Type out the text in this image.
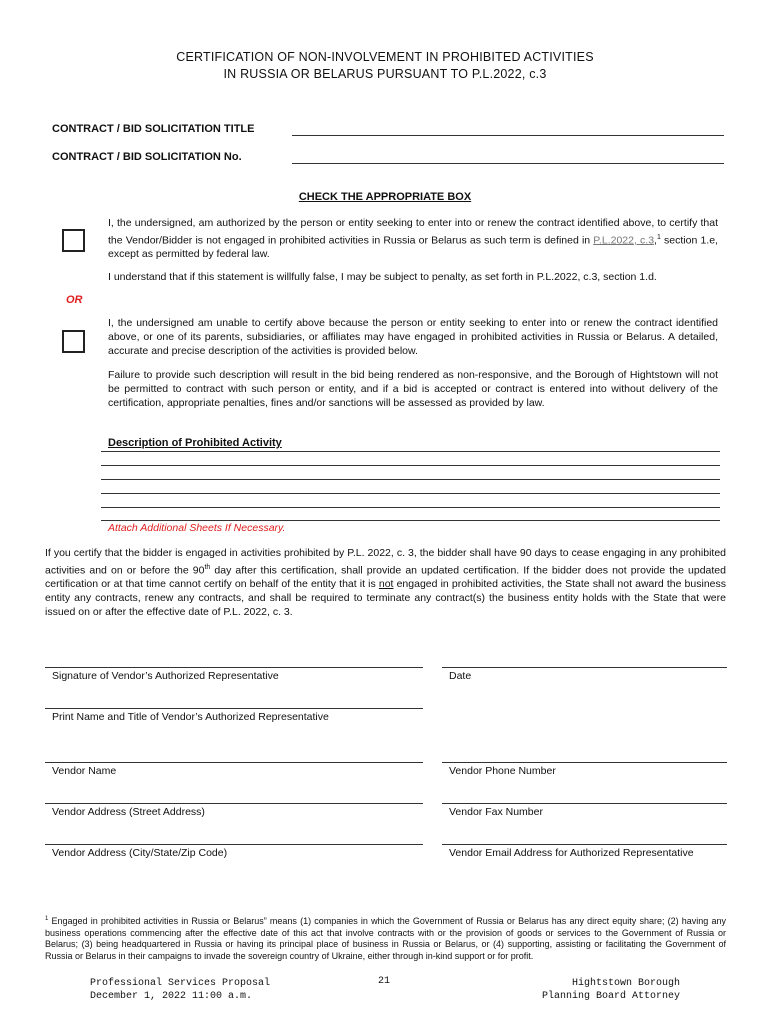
CERTIFICATION OF NON-INVOLVEMENT IN PROHIBITED ACTIVITIES
IN RUSSIA OR BELARUS PURSUANT TO P.L.2022, c.3
CONTRACT / BID SOLICITATION TITLE
CONTRACT / BID SOLICITATION No.
CHECK THE APPROPRIATE BOX
I, the undersigned, am authorized by the person or entity seeking to enter into or renew the contract identified above, to certify that the Vendor/Bidder is not engaged in prohibited activities in Russia or Belarus as such term is defined in P.L.2022, c.3,$^1$ section 1.e, except as permitted by federal law.
I understand that if this statement is willfully false, I may be subject to penalty, as set forth in P.L.2022, c.3, section 1.d.
OR
I, the undersigned am unable to certify above because the person or entity seeking to enter into or renew the contract identified above, or one of its parents, subsidiaries, or affiliates may have engaged in prohibited activities in Russia or Belarus. A detailed, accurate and precise description of the activities is provided below.
Failure to provide such description will result in the bid being rendered as non-responsive, and the Borough of Hightstown will not be permitted to contract with such person or entity, and if a bid is accepted or contract is entered into without delivery of the certification, appropriate penalties, fines and/or sanctions will be assessed as provided by law.
Description of Prohibited Activity
Attach Additional Sheets If Necessary.
If you certify that the bidder is engaged in activities prohibited by P.L. 2022, c. 3, the bidder shall have 90 days to cease engaging in any prohibited activities and on or before the 90th day after this certification, shall provide an updated certification. If the bidder does not provide the updated certification or at that time cannot certify on behalf of the entity that it is not engaged in prohibited activities, the State shall not award the business entity any contracts, renew any contracts, and shall be required to terminate any contract(s) the business entity holds with the State that were issued on or after the effective date of P.L. 2022, c. 3.
Signature of Vendor’s Authorized Representative	Date
Print Name and Title of Vendor’s Authorized Representative
Vendor Name	Vendor Phone Number
Vendor Address (Street Address)	Vendor Fax Number
Vendor Address (City/State/Zip Code)	Vendor Email Address for Authorized Representative
$^1$ Engaged in prohibited activities in Russia or Belarus” means (1) companies in which the Government of Russia or Belarus has any direct equity share; (2) having any business operations commencing after the effective date of this act that involve contracts with or the provision of goods or services to the Government of Russia or Belarus; (3) being headquartered in Russia or having its principal place of business in Russia or Belarus, or (4) supporting, assisting or facilitating the Government of Russia or Belarus in their campaigns to invade the sovereign country of Ukraine, either through in-kind support or for profit.
Professional Services Proposal
December 1, 2022 11:00 a.m.
21	Hightstown Borough
Planning Board Attorney
